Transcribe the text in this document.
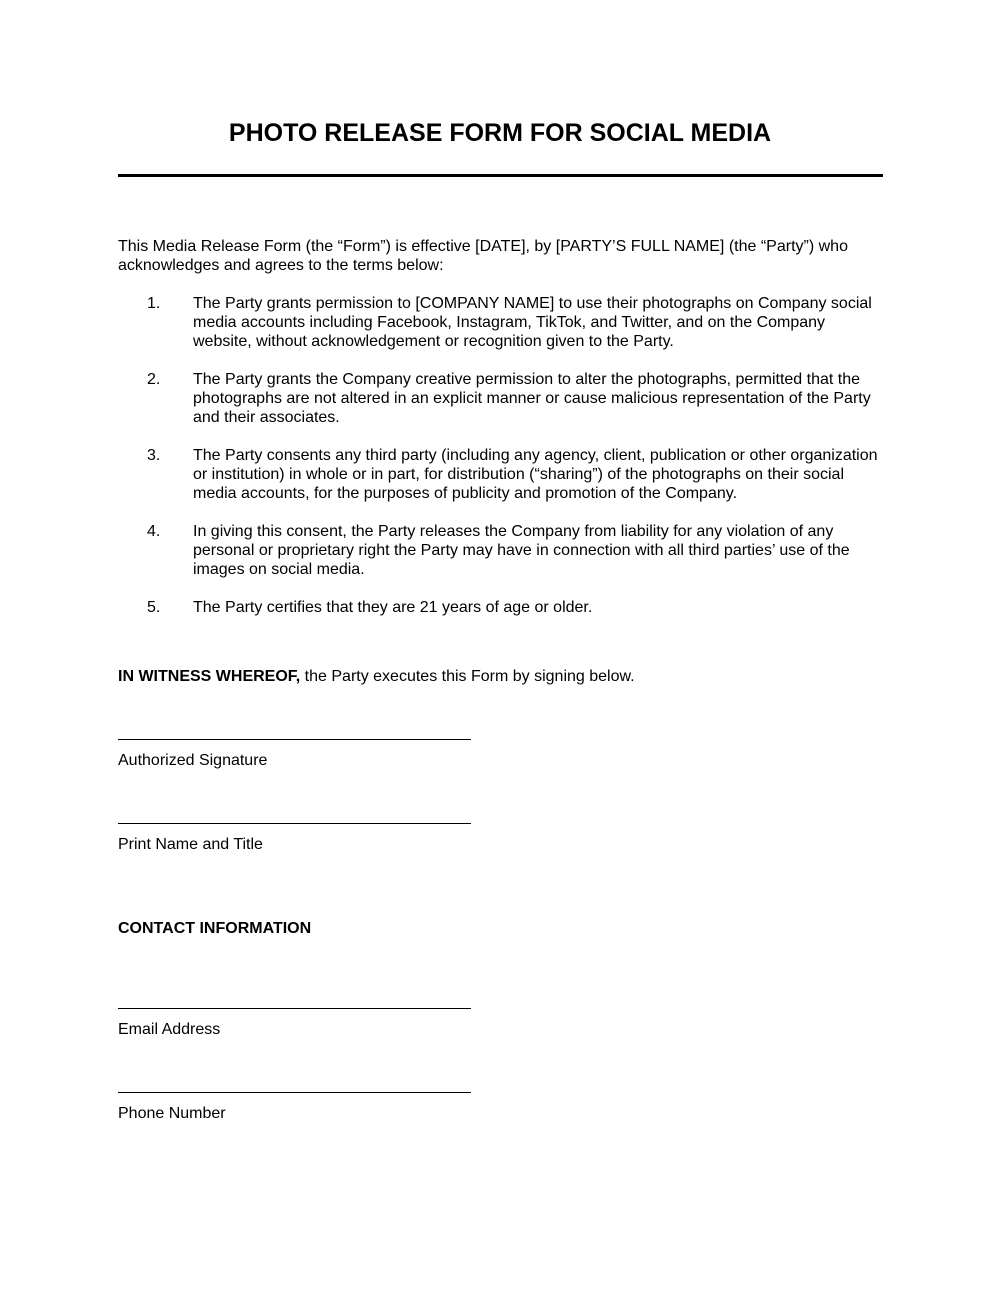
PHOTO RELEASE FORM FOR SOCIAL MEDIA

This Media Release Form (the “Form”) is effective [DATE], by [PARTY’S FULL NAME] (the “Party”) who acknowledges and agrees to the terms below:

1. The Party grants permission to [COMPANY NAME] to use their photographs on Company social media accounts including Facebook, Instagram, TikTok, and Twitter, and on the Company website, without acknowledgement or recognition given to the Party.
2. The Party grants the Company creative permission to alter the photographs, permitted that the photographs are not altered in an explicit manner or cause malicious representation of the Party and their associates.
3. The Party consents any third party (including any agency, client, publication or other organization or institution) in whole or in part, for distribution (“sharing”) of the photographs on their social media accounts, for the purposes of publicity and promotion of the Company.
4. In giving this consent, the Party releases the Company from liability for any violation of any personal or proprietary right the Party may have in connection with all third parties’ use of the images on social media.
5. The Party certifies that they are 21 years of age or older.

IN WITNESS WHEREOF, the Party executes this Form by signing below.

Authorized Signature

Print Name and Title

CONTACT INFORMATION

Email Address

Phone Number
